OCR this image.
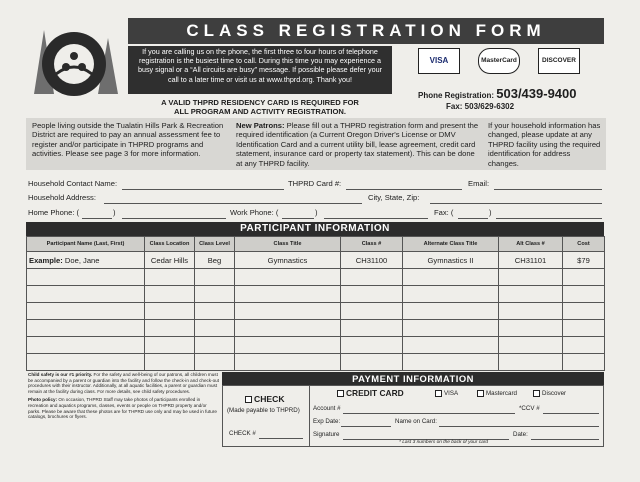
CLASS REGISTRATION FORM
If you are calling us on the phone, the first three to four hours of telephone registration is the busiest time to call. During this time you may experience a busy signal or a “All circuits are busy” message. If possible please defer your call to a later time or visit us at www.thprd.org. Thank you!
VISA	MasterCard	DISCOVER
Phone Registration: 503/439-9400
Fax: 503/629-6302
A VALID THPRD RESIDENCY CARD IS REQUIRED FOR
ALL PROGRAM AND ACTIVITY REGISTRATION.
People living outside the Tualatin Hills Park & Recreation District are required to pay an annual assessment fee to register and/or participate in THPRD programs and activities. Please see page 3 for more information.
New Patrons: Please fill out a THPRD registration form and present the required identification (a Current Oregon Driver's License or DMV Identification Card and a current utility bill, lease agreement, credit card statement, insurance card or property tax statement). This can be done at any THPRD facility.
If your household information has changed, please update at any THPRD facility using the required identification for address changes.
Household Contact Name:	THPRD Card #:	Email:
Household Address:	City, State, Zip:
Home Phone: (	)	Work Phone: (	)	Fax: (	)
PARTICIPANT INFORMATION
Participant Name (Last, First)	Class Location	Class Level	Class Title	Class #	Alternate Class Title	Alt Class #	Cost
Example: Doe, Jane	Cedar Hills	Beg	Gymnastics	CH31100	Gymnastics II	CH31101	$79

Child safety is our #1 priority. For the safety and well-being of our patrons, all children must be accompanied by a parent or guardian into the facility and follow the check-in and check-out procedures with their instructor. Additionally, at all aquatic facilities, a parent or guardian must remain at the facility during class. For more details, see child safety procedures.
Photo policy: On occasion, THPRD Staff may take photos of participants enrolled in recreation and aquatics programs, classes, events or people on THPRD property and/or parks. Please be aware that these photos are for THPRD use only and may be used in future catalogs, brochures or flyers.
PAYMENT INFORMATION
CHECK
(Made payable to THPRD)
CHECK #
CREDIT CARD	VISA	Mastercard	Discover
Account #	*CCV #
Exp Date:	Name on Card:
Signature	Date:
* Last 3 numbers on the back of your card
